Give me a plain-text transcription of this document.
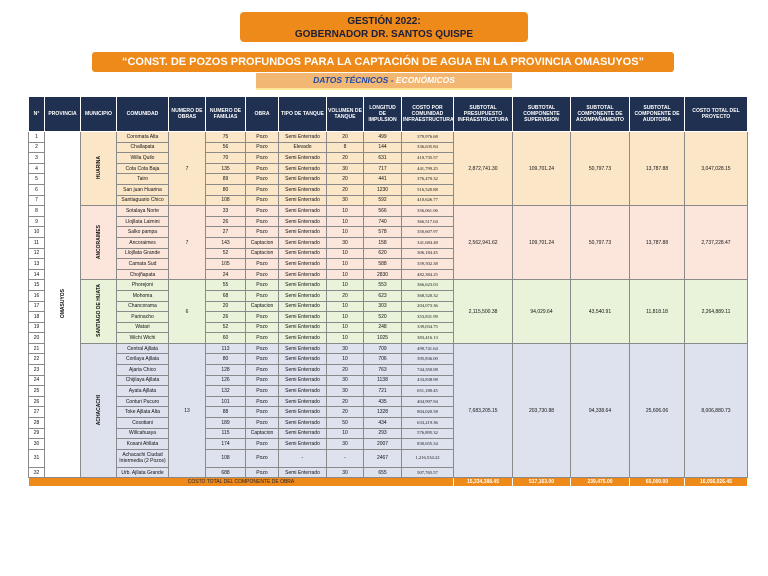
GESTIÓN 2022:
GOBERNADOR DR. SANTOS QUISPE
“CONST. DE POZOS PROFUNDOS PARA LA CAPTACIÓN DE AGUA EN LA PROVINCIA OMASUYOS”
DATOS TÉCNICOS - ECONÓMICOS
N°	PROVINCIA	MUNICIPIO	COMUNIDAD	NUMERO DE OBRAS	NUMERO DE FAMILIAS	OBRA	TIPO DE TANQUE	VOLUMEN DE TANQUE	LONGITUD DE IMPULSION	COSTO POR COMUNIDAD INFRAESTRUCTURA	SUBTOTAL PRESUPUESTO INFRAESTRUCTURA	SUBTOTAL COMPONENTE SUPERVISION	SUBTOTAL COMPONENTE DE ACOMPAÑAMENTO	SUBTOTAL COMPONENTE DE AUDITORIA	COSTO TOTAL DEL PROYECTO
1	OMASUYOS	HUARINA	Coromata Alta	7	75	Pozo	Semi Enterrado	20	499	379,976.68	2,872,741.30	109,701.24	50,797.73	13,787.88	3,047,028.15
2			Challapata		56	Pozo	Elevado	8	144	336,635.84					
3			Willa Quilo		70	Pozo	Semi Enterrado	20	631	410,735.57					
4			Cota Cota Baja		135	Pozo	Semi Enterrado	30	717	441,799.25					
5			Tairo		89	Pozo	Semi Enterrado	20	441	376,470.32					
6			San juan Huarina		80	Pozo	Semi Enterrado	20	1230	516,520.88					
7			Santiaguario Chico		108	Pozo	Semi Enterrado	30	592	410,626.77					
8		ANCORAIMES	Sotalaya Norte	7	33	Pozo	Semi Enterrado	10	566	356,061.06	2,562,941.62	109,701.24	50,797.73	13,787.88	2,737,228.47
9			Llojllata Laimini		26	Pozo	Semi Enterrado	10	740	366,517.04					
10			Salko pampa		27	Pozo	Semi Enterrado	10	578	350,607.97					
11			Ancoraimes		143	Captacion	Semi Enterrado	30	158	341,684.48					
12			Llojllata Grande		52	Captacion	Semi Enterrado	10	620	306,184.45					
13			Camata Sud		105	Pozo	Semi Enterrado	10	588	359,502.38					
14			Chojñapata		24	Pozo	Semi Enterrado	10	2830	482,384.25					
15		SANTIAGO DE HUATA	Phorejoni	6	55	Pozo	Semi Enterrado	10	553	366,623.03	2,115,500.38	94,029.64	43,540.91	11,818.18	2,264,889.11
16			Mohoma		68	Pozo	Semi Enterrado	20	623	368,520.32					
17			Chancorama		20	Captacion	Semi Enterrado	10	303	204,073.36					
18			Parinacho		26	Pozo	Semi Enterrado	10	520	353,831.99					
19			Watari		52	Pozo	Semi Enterrado	10	248	339,034.75					
20			Wichi Wichi		60	Pozo	Semi Enterrado	10	1025	383,416.13					
21		ACHACACHI	Central Ajllata	13	113	Pozo	Semi Enterrado	30	709	499,741.64	7,683,205.15	203,730.88	94,338.64	25,606.06	8,006,880.73
22			Corilaya Ajllata		80	Pozo	Semi Enterrado	10	706	395,836.00					
23			Ajaria Chico		128	Pozo	Semi Enterrado	20	763	744,350.08					
24			Chijilaya Ajllata		126	Pozo	Semi Enterrado	30	1138	433,838.98					
25			Ayata Ajllata		132	Pozo	Semi Enterrado	30	721	651,180.45					
26			Conturi Pucuro		101	Pozo	Semi Enterrado	20	435	404,997.94					
27			Toke Ajllata Alta		88	Pozo	Semi Enterrado	20	1328	804,020.58					
28			Cosotiani		189	Pozo	Semi Enterrado	50	434	633,219.36					
29			Willcahuaya		115	Captacion	Semi Enterrado	10	293	576,895.32					
30			Kosani Ahllata		174	Pozo	Semi Enterrado	30	2007	830,655.34					
31			Achacachi Ciudad Intermedia (2 Pozos)		108	Pozo	-	-	2467	1,216,534.22					
32			Urb. Ajllata Grande		688	Pozo	Semi Enterrado	30	655	507,765.57					
COSTO TOTAL DEL COMPONENTE DE OBRA											15,234,388.45	517,163.00	239,475.00	65,000.00	16,056,026.45
